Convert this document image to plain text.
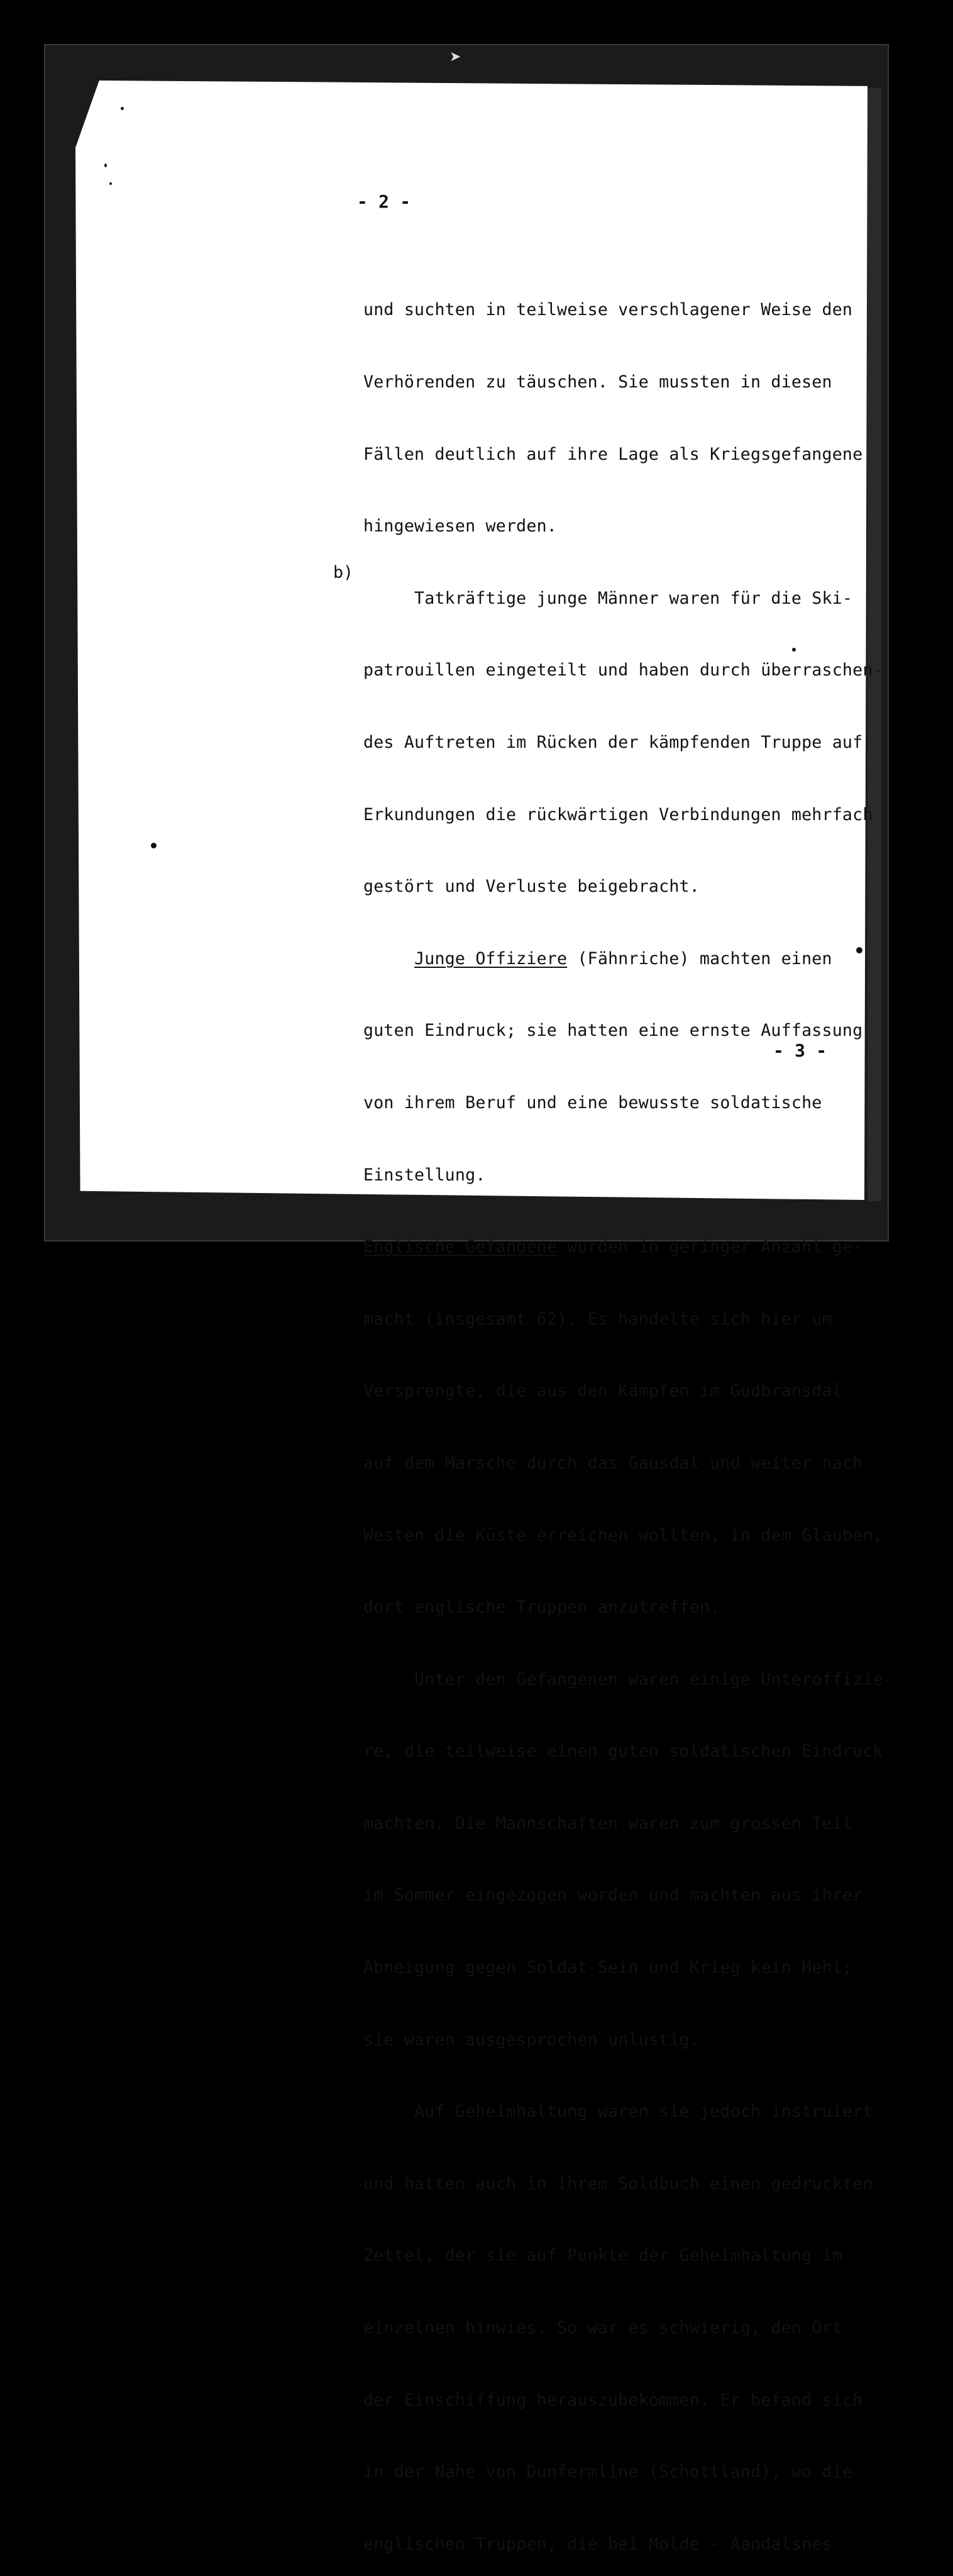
➤
- 2 -
b)

und suchten in teilweise verschlagener Weise den

Verhörenden zu täuschen. Sie mussten in diesen

Fällen deutlich auf ihre Lage als Kriegsgefangene

hingewiesen werden.

Tatkräftige junge Männer waren für die Ski-

patrouillen eingeteilt und haben durch überraschen-

des Auftreten im Rücken der kämpfenden Truppe auf

Erkundungen die rückwärtigen Verbindungen mehrfach

gestört und Verluste beigebracht.

Junge Offiziere (Fähnriche) machten einen

guten Eindruck; sie hatten eine ernste Auffassung

von ihrem Beruf und eine bewusste soldatische

Einstellung.

Englische Gefangene wurden in geringer Anzahl ge-

macht (insgesamt 62). Es handelte sich hier um

Versprengte, die aus den Kämpfen im Gudbransdal

auf dem Marsche durch das Gausdal und weiter nach

Westen die Küste erreichen wollten, in dem Glauben,

dort englische Truppen anzutreffen.

Unter den Gefangenen waren einige Unteroffizie-

re, die teilweise einen guten soldatischen Eindruck

machten. Die Mannschaften waren zum grossen Teil

im Sommer eingezogen worden und machten aus ihrer

Abneigung gegen Soldat-Sein und Krieg kein Hehl;

sie waren ausgesprochen unlustig.

Auf Geheimhaltung waren sie jedoch instruiert

und hatten auch in ihrem Soldbuch einen gedruckten

Zettel, der sie auf Punkte der Geheimhaltung im

einzelnen hinwies. So war es schwierig, den Ort

der Einschiffung herauszubekommen. Er befand sich

in der Nähe von Dunfermline (Schottland), wo die

englischen Truppen, die bei Molde - Aandalsnes

- 3 -
